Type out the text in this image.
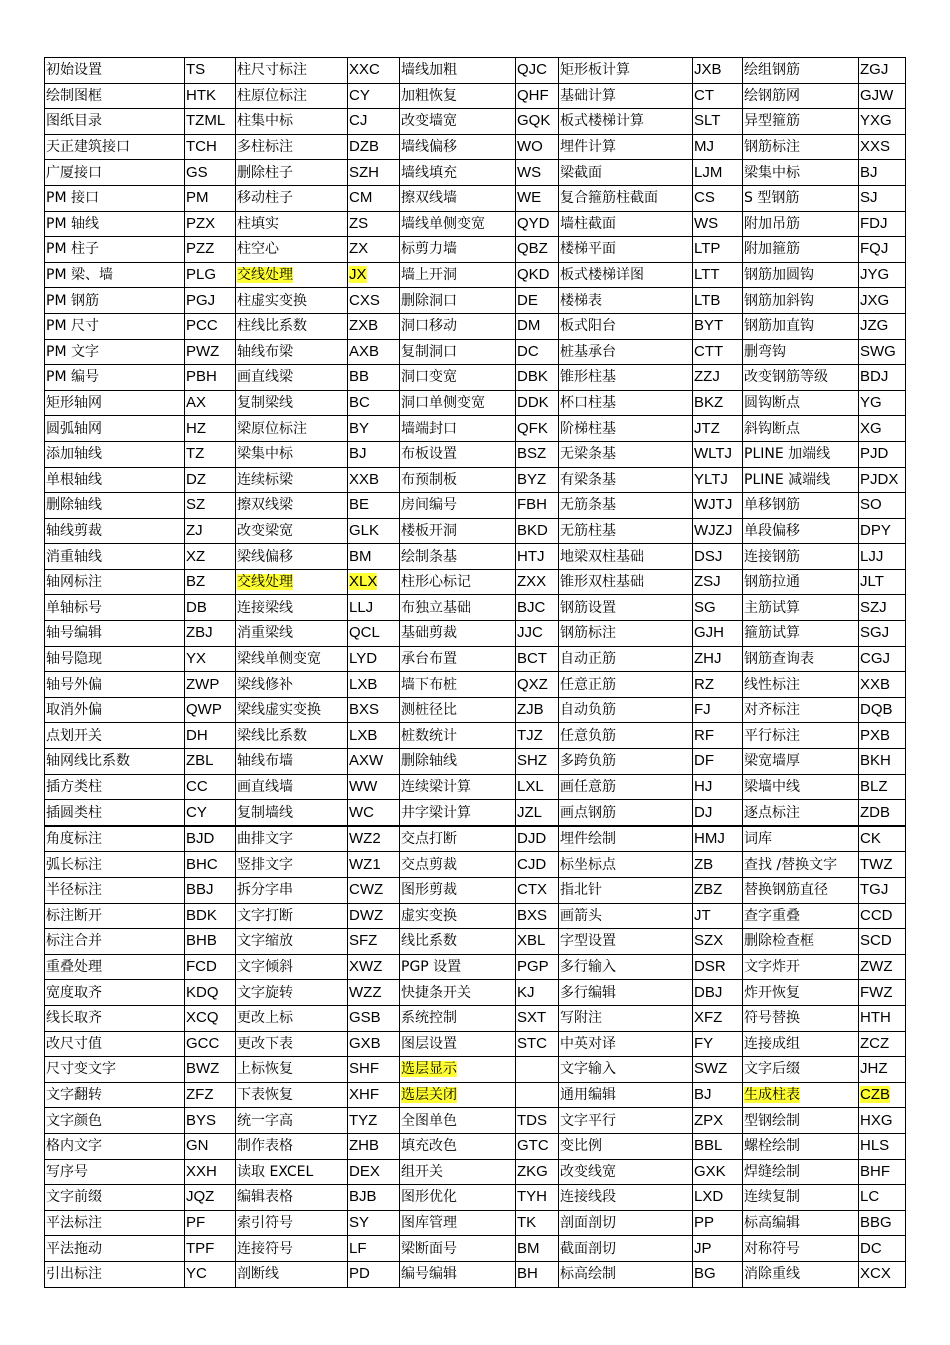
初始设置	TS	柱尺寸标注	XXC	墙线加粗	QJC	矩形板计算	JXB	绘组钢筋	ZGJ
绘制图框	HTK	柱原位标注	CY	加粗恢复	QHF	基础计算	CT	绘钢筋网	GJW
图纸目录	TZML	柱集中标	CJ	改变墙宽	GQK	板式楼梯计算	SLT	异型箍筋	YXG
天正建筑接口	TCH	多柱标注	DZB	墙线偏移	WO	埋件计算	MJ	钢筋标注	XXS
广厦接口	GS	删除柱子	SZH	墙线填充	WS	梁截面	LJM	梁集中标	BJ
PM 接口	PM	移动柱子	CM	擦双线墙	WE	复合箍筋柱截面	CS	S 型钢筋	SJ
PM 轴线	PZX	柱填实	ZS	墙线单侧变宽	QYD	墙柱截面	WS	附加吊筋	FDJ
PM 柱子	PZZ	柱空心	ZX	标剪力墙	QBZ	楼梯平面	LTP	附加箍筋	FQJ
PM 梁、墙	PLG	交线处理	JX	墙上开洞	QKD	板式楼梯详图	LTT	钢筋加圆钩	JYG
PM 钢筋	PGJ	柱虚实变换	CXS	删除洞口	DE	楼梯表	LTB	钢筋加斜钩	JXG
PM 尺寸	PCC	柱线比系数	ZXB	洞口移动	DM	板式阳台	BYT	钢筋加直钩	JZG
PM 文字	PWZ	轴线布梁	AXB	复制洞口	DC	桩基承台	CTT	删弯钩	SWG
PM 编号	PBH	画直线梁	BB	洞口变宽	DBK	锥形柱基	ZZJ	改变钢筋等级	BDJ
矩形轴网	AX	复制梁线	BC	洞口单侧变宽	DDK	杯口柱基	BKZ	圆钩断点	YG
圆弧轴网	HZ	梁原位标注	BY	墙端封口	QFK	阶梯柱基	JTZ	斜钩断点	XG
添加轴线	TZ	梁集中标	BJ	布板设置	BSZ	无梁条基	WLTJ	PLINE 加端线	PJD
单根轴线	DZ	连续标梁	XXB	布预制板	BYZ	有梁条基	YLTJ	PLINE 减端线	PJDX
删除轴线	SZ	擦双线梁	BE	房间编号	FBH	无筋条基	WJTJ	单移钢筋	SO
轴线剪裁	ZJ	改变梁宽	GLK	楼板开洞	BKD	无筋柱基	WJZJ	单段偏移	DPY
消重轴线	XZ	梁线偏移	BM	绘制条基	HTJ	地梁双柱基础	DSJ	连接钢筋	LJJ
轴网标注	BZ	交线处理	XLX	柱形心标记	ZXX	锥形双柱基础	ZSJ	钢筋拉通	JLT
单轴标号	DB	连接梁线	LLJ	布独立基础	BJC	钢筋设置	SG	主筋试算	SZJ
轴号编辑	ZBJ	消重梁线	QCL	基础剪裁	JJC	钢筋标注	GJH	箍筋试算	SGJ
轴号隐现	YX	梁线单侧变宽	LYD	承台布置	BCT	自动正筋	ZHJ	钢筋查询表	CGJ
轴号外偏	ZWP	梁线修补	LXB	墙下布桩	QXZ	任意正筋	RZ	线性标注	XXB
取消外偏	QWP	梁线虚实变换	BXS	测桩径比	ZJB	自动负筋	FJ	对齐标注	DQB
点划开关	DH	梁线比系数	LXB	桩数统计	TJZ	任意负筋	RF	平行标注	PXB
轴网线比系数	ZBL	轴线布墙	AXW	删除轴线	SHZ	多跨负筋	DF	梁宽墙厚	BKH
插方类柱	CC	画直线墙	WW	连续梁计算	LXL	画任意筋	HJ	梁墙中线	BLZ
插圆类柱	CY	复制墙线	WC	井字梁计算	JZL	画点钢筋	DJ	逐点标注	ZDB
角度标注	BJD	曲排文字	WZ2	交点打断	DJD	埋件绘制	HMJ	词库	CK
弧长标注	BHC	竖排文字	WZ1	交点剪裁	CJD	标坐标点	ZB	查找 /替换文字	TWZ
半径标注	BBJ	拆分字串	CWZ	图形剪裁	CTX	指北针	ZBZ	替换钢筋直径	TGJ
标注断开	BDK	文字打断	DWZ	虚实变换	BXS	画箭头	JT	查字重叠	CCD
标注合并	BHB	文字缩放	SFZ	线比系数	XBL	字型设置	SZX	删除检查框	SCD
重叠处理	FCD	文字倾斜	XWZ	PGP 设置	PGP	多行输入	DSR	文字炸开	ZWZ
宽度取齐	KDQ	文字旋转	WZZ	快捷条开关	KJ	多行编辑	DBJ	炸开恢复	FWZ
线长取齐	XCQ	更改上标	GSB	系统控制	SXT	写附注	XFZ	符号替换	HTH
改尺寸值	GCC	更改下表	GXB	图层设置	STC	中英对译	FY	连接成组	ZCZ
尺寸变文字	BWZ	上标恢复	SHF	选层显示		文字输入	SWZ	文字后缀	JHZ
文字翻转	ZFZ	下表恢复	XHF	选层关闭		通用编辑	BJ	生成柱表	CZB
文字颜色	BYS	统一字高	TYZ	全图单色	TDS	文字平行	ZPX	型钢绘制	HXG
格内文字	GN	制作表格	ZHB	填充改色	GTC	变比例	BBL	螺栓绘制	HLS
写序号	XXH	读取 EXCEL	DEX	组开关	ZKG	改变线宽	GXK	焊缝绘制	BHF
文字前缀	JQZ	编辑表格	BJB	图形优化	TYH	连接线段	LXD	连续复制	LC
平法标注	PF	索引符号	SY	图库管理	TK	剖面剖切	PP	标高编辑	BBG
平法拖动	TPF	连接符号	LF	梁断面号	BM	截面剖切	JP	对称符号	DC
引出标注	YC	剖断线	PD	编号编辑	BH	标高绘制	BG	消除重线	XCX
